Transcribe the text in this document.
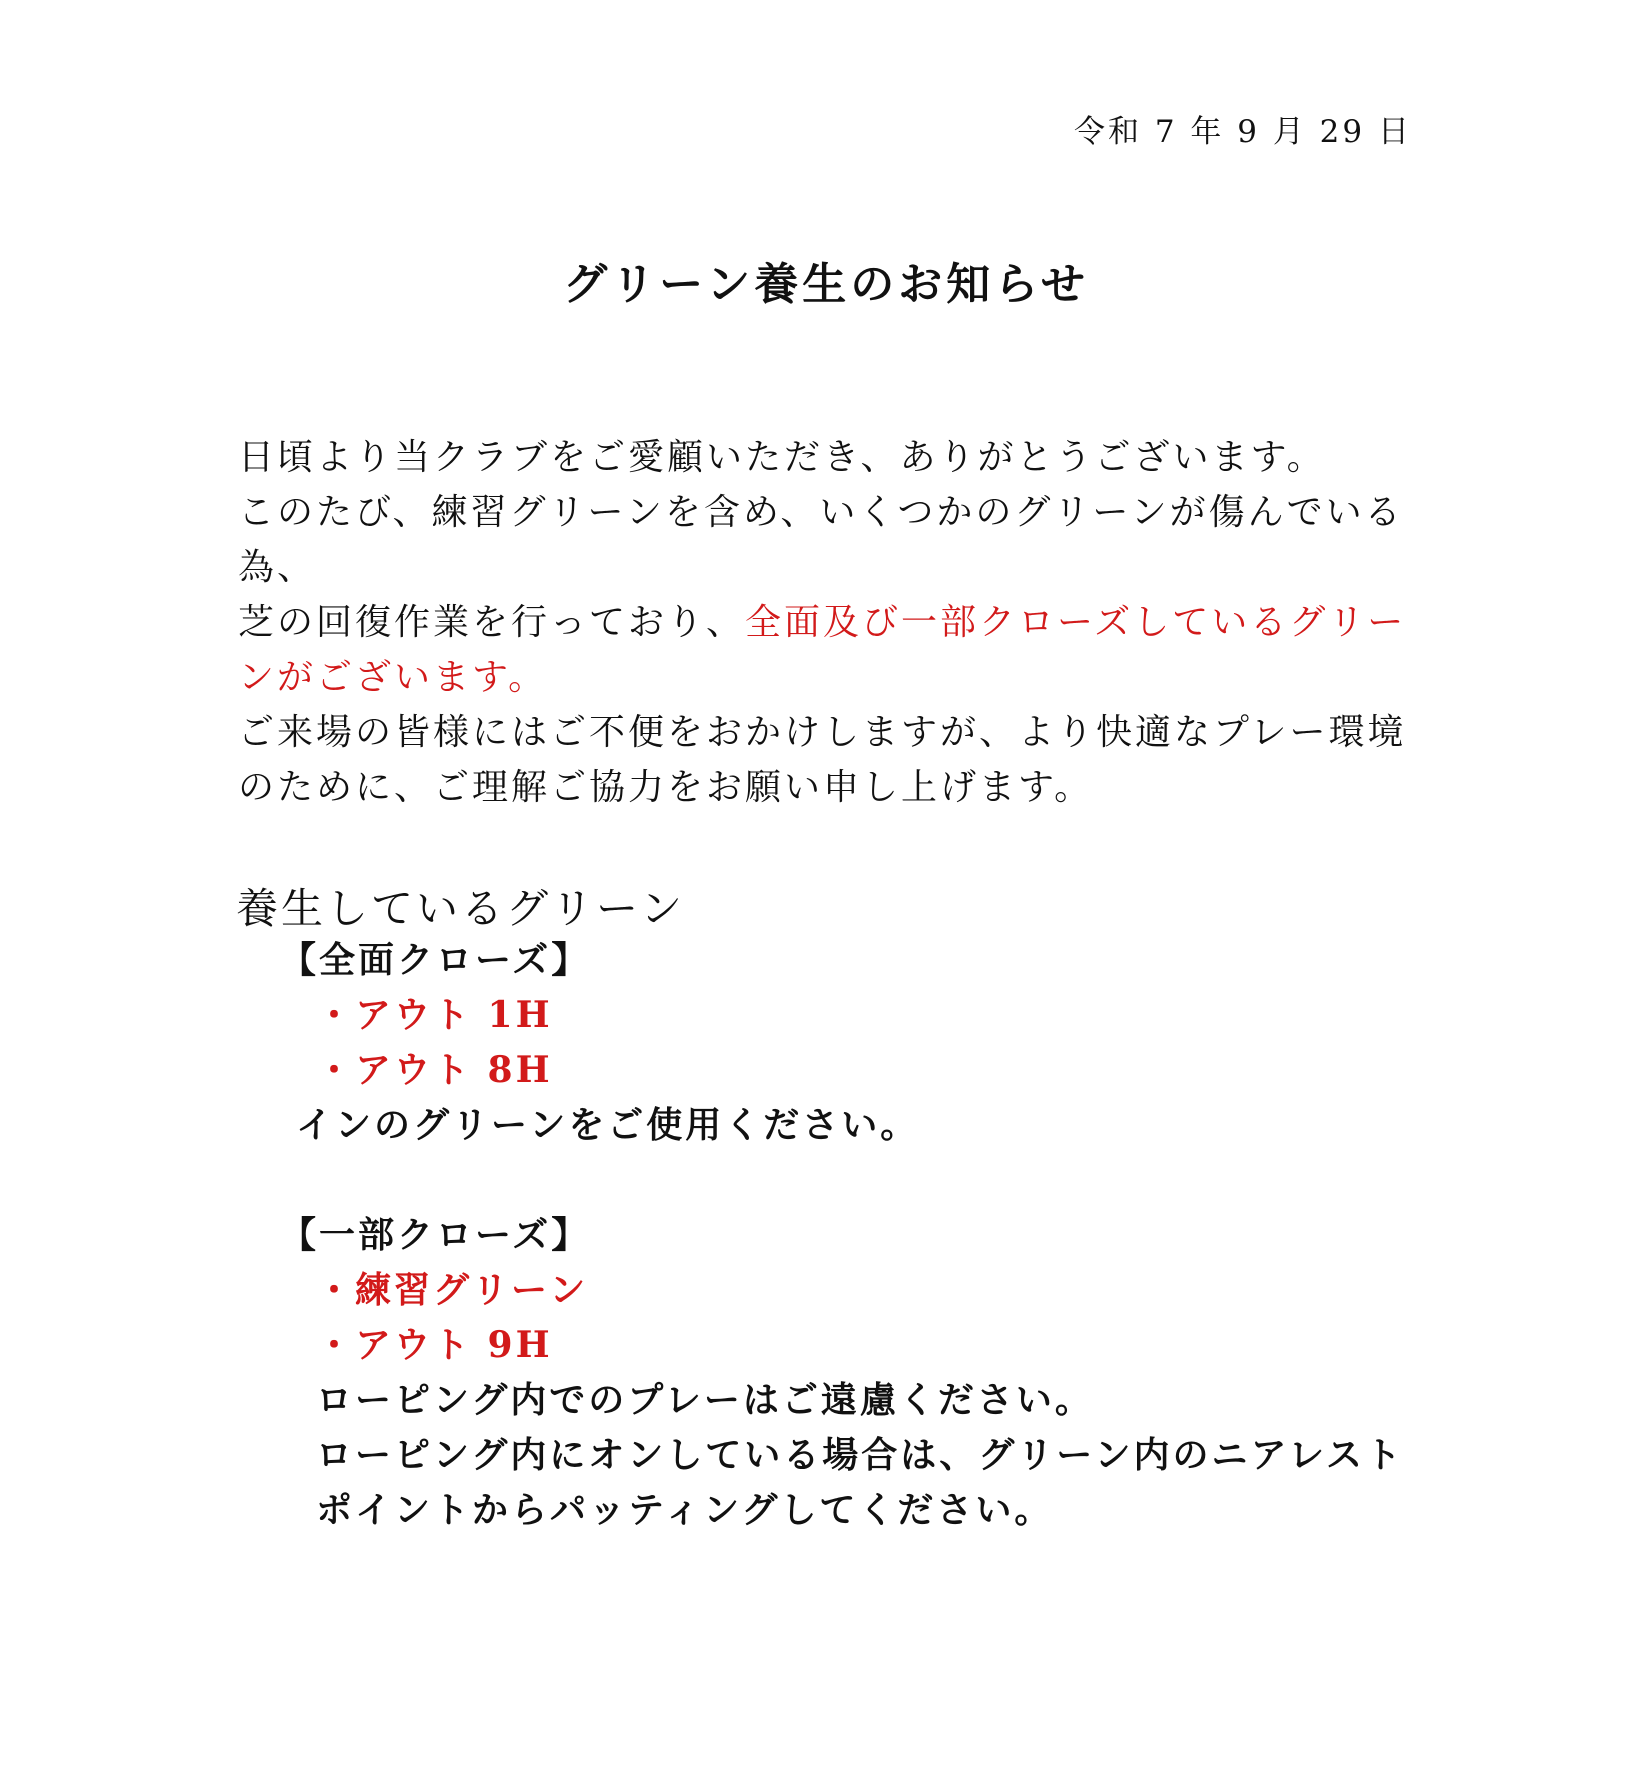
令和 7 年 9 月 29 日
グリーン養生のお知らせ

日頃より当クラブをご愛顧いただき、ありがとうございます。

このたび、練習グリーンを含め、いくつかのグリーンが傷んでいる為、

芝の回復作業を行っており、全面及び一部クローズしているグリー

ンがございます。

ご来場の皆様にはご不便をおかけしますが、より快適なプレー環境

のために、ご理解ご協力をお願い申し上げます。

養生しているグリーン
【全面クローズ】
・アウト 1H
・アウト 8H
インのグリーンをご使用ください。
【一部クローズ】
・練習グリーン
・アウト 9H
ローピング内でのプレーはご遠慮ください。
ローピング内にオンしている場合は、グリーン内のニアレスト
ポイントからパッティングしてください。
